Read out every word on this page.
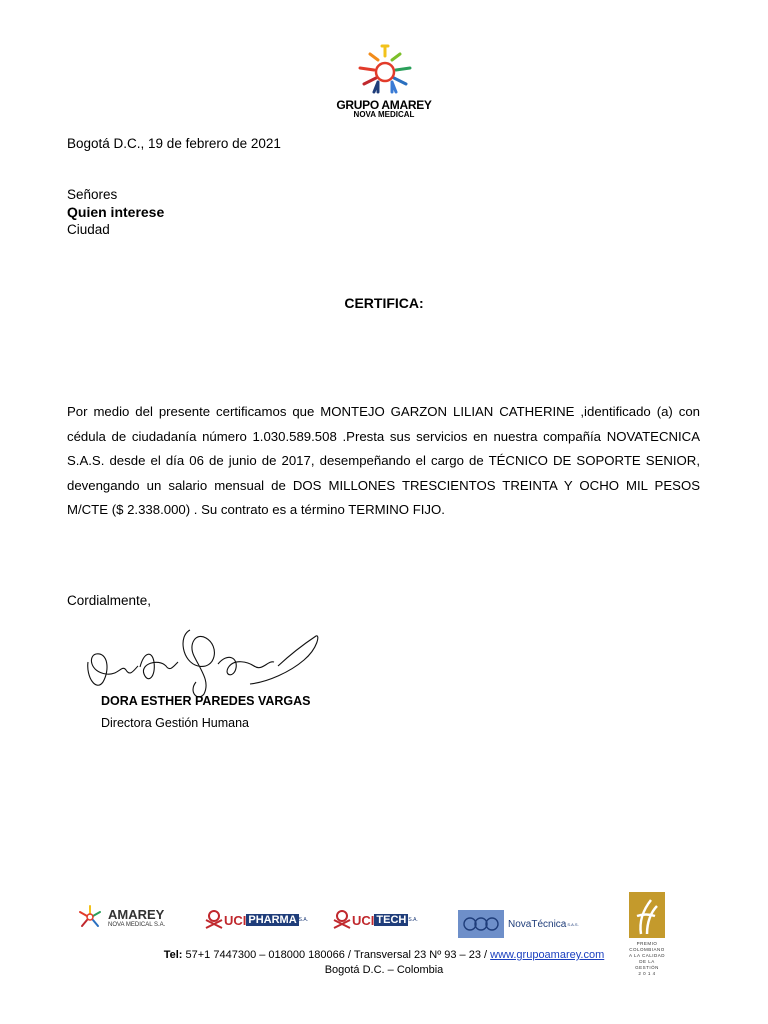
GRUPO AMAREY
NOVA MEDICAL
Bogotá D.C., 19 de febrero de 2021
Señores
Quien interese
Ciudad
CERTIFICA:

Por medio del presente certificamos que MONTEJO GARZON LILIAN CATHERINE ,identificado (a) con cédula de ciudadanía número 1.030.589.508 .Presta sus servicios en nuestra compañía NOVATECNICA S.A.S. desde el día 06 de junio de 2017, desempeñando el cargo de TÉCNICO DE SOPORTE SENIOR, devengando un salario mensual de DOS MILLONES TRESCIENTOS TREINTA Y OCHO MIL PESOS M/CTE ($ 2.338.000) . Su contrato es a término TERMINO FIJO.

Cordialmente,
DORA ESTHER PAREDES VARGAS
Directora Gestión Humana
AMAREY
NOVA MEDICAL S.A.	UCI PHARMA S.A.	UCI TECH S.A.	NovaTécnica S.A.S.
Tel: 57+1 7447300 – 018000 180066 / Transversal 23 Nº 93 – 23 / www.grupoamarey.com
Bogotá D.C. – Colombia
PREMIO
COLOMBIANO
A LA CALIDAD
DE LA GESTIÓN
2 0 1 4
